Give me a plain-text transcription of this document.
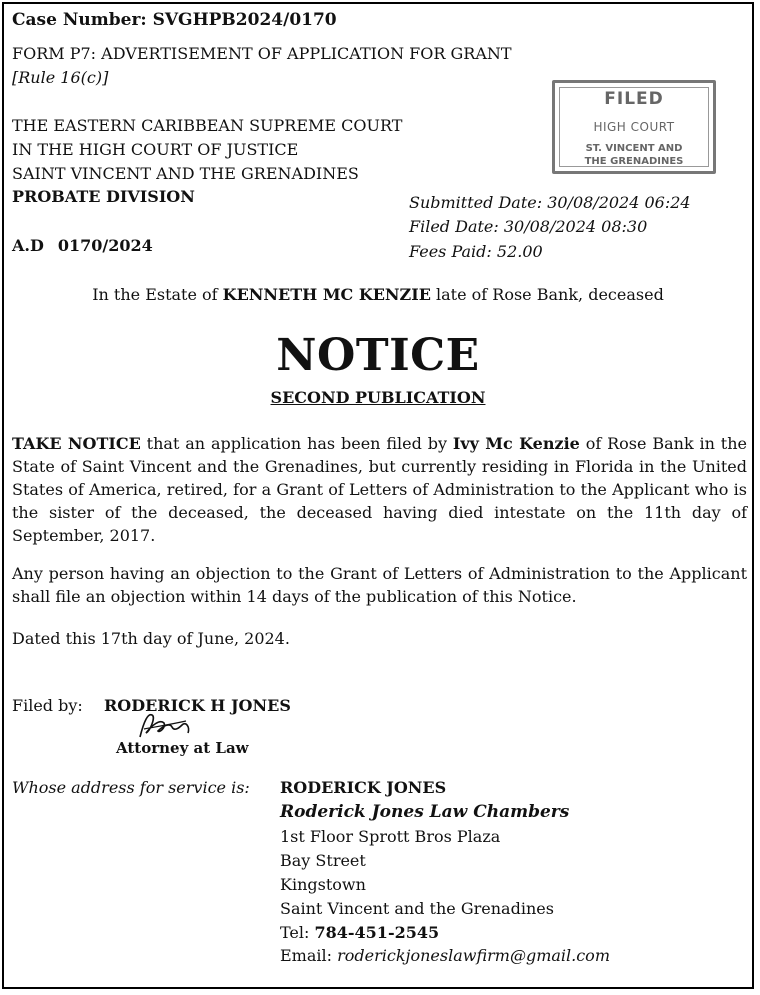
Case Number: SVGHPB2024/0170
FORM P7: ADVERTISEMENT OF APPLICATION FOR GRANT
[Rule 16(c)]
THE EASTERN CARIBBEAN SUPREME COURT
IN THE HIGH COURT OF JUSTICE
SAINT VINCENT AND THE GRENADINES
PROBATE DIVISION
A.D 0170/2024
FILED
HIGH COURT
ST. VINCENT AND
THE GRENADINES
Submitted Date: 30/08/2024 06:24
Filed Date: 30/08/2024 08:30
Fees Paid: 52.00
In the Estate of KENNETH MC KENZIE late of Rose Bank, deceased
NOTICE
SECOND PUBLICATION
TAKE NOTICE that an application has been filed by Ivy Mc Kenzie of Rose Bank in the State of Saint Vincent and the Grenadines, but currently residing in Florida in the United States of America, retired, for a Grant of Letters of Administration to the Applicant who is the sister of the deceased, the deceased having died intestate on the 11th day of September, 2017.
Any person having an objection to the Grant of Letters of Administration to the Applicant shall file an objection within 14 days of the publication of this Notice.
Dated this 17th day of June, 2024.
Filed by: RODERICK H JONES
Attorney at Law
Whose address for service is: RODERICK JONES
Roderick Jones Law Chambers
1st Floor Sprott Bros Plaza
Bay Street
Kingstown
Saint Vincent and the Grenadines
Tel: 784-451-2545
Email: roderickjoneslawfirm@gmail.com
